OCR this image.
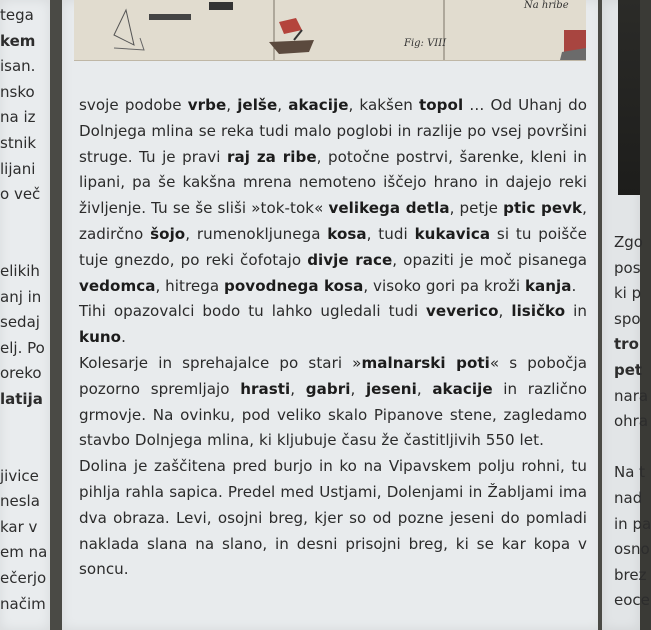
Fig: VIII
Na hribe
tega
kem
isan.
nsko
na iz
stnik
lijani
o več
elikih
anj in
sedaj
elj. Po
oreko
latija
jivice
nesla
kar v
em na
ečerjo
načim
Zgo
pos
ki p
spo
tro
pet
nara
ohra
Na t
nad
in pa
osno
brez
eoce

svoje podobe vrbe, jelše, akacije, kakšen topol … Od Uhanj do Dolnjega mlina se reka tudi malo poglobi in razlije po vsej površini struge. Tu je pravi raj za ribe, potočne postrvi, šarenke, kleni in lipani, pa še kakšna mrena nemoteno iščejo hrano in dajejo reki življenje. Tu se še sliši »tok-tok« velikega detla, petje ptic pevk, zadirčno šojo, rumenokljunega kosa, tudi kukavica si tu poišče tuje gnezdo, po reki čofotajo divje race, opaziti je moč pisanega vedomca, hitrega povodnega kosa, visoko gori pa kroži kanja.

Tihi opazovalci bodo tu lahko ugledali tudi veverico, lisičko in kuno.

Kolesarje in sprehajalce po stari »malnarski poti« s pobočja pozorno spremljajo hrasti, gabri, jeseni, akacije in različno grmovje. Na ovinku, pod veliko skalo Pipanove stene, zagledamo stavbo Dolnjega mlina, ki kljubuje času že častitljivih 550 let.

Dolina je zaščitena pred burjo in ko na Vipavskem polju rohni, tu pihlja rahla sapica. Predel med Ustjami, Dolenjami in Žabljami ima dva obraza. Levi, osojni breg, kjer so od pozne jeseni do pomladi naklada slana na slano, in desni prisojni breg, ki se kar kopa v soncu.
